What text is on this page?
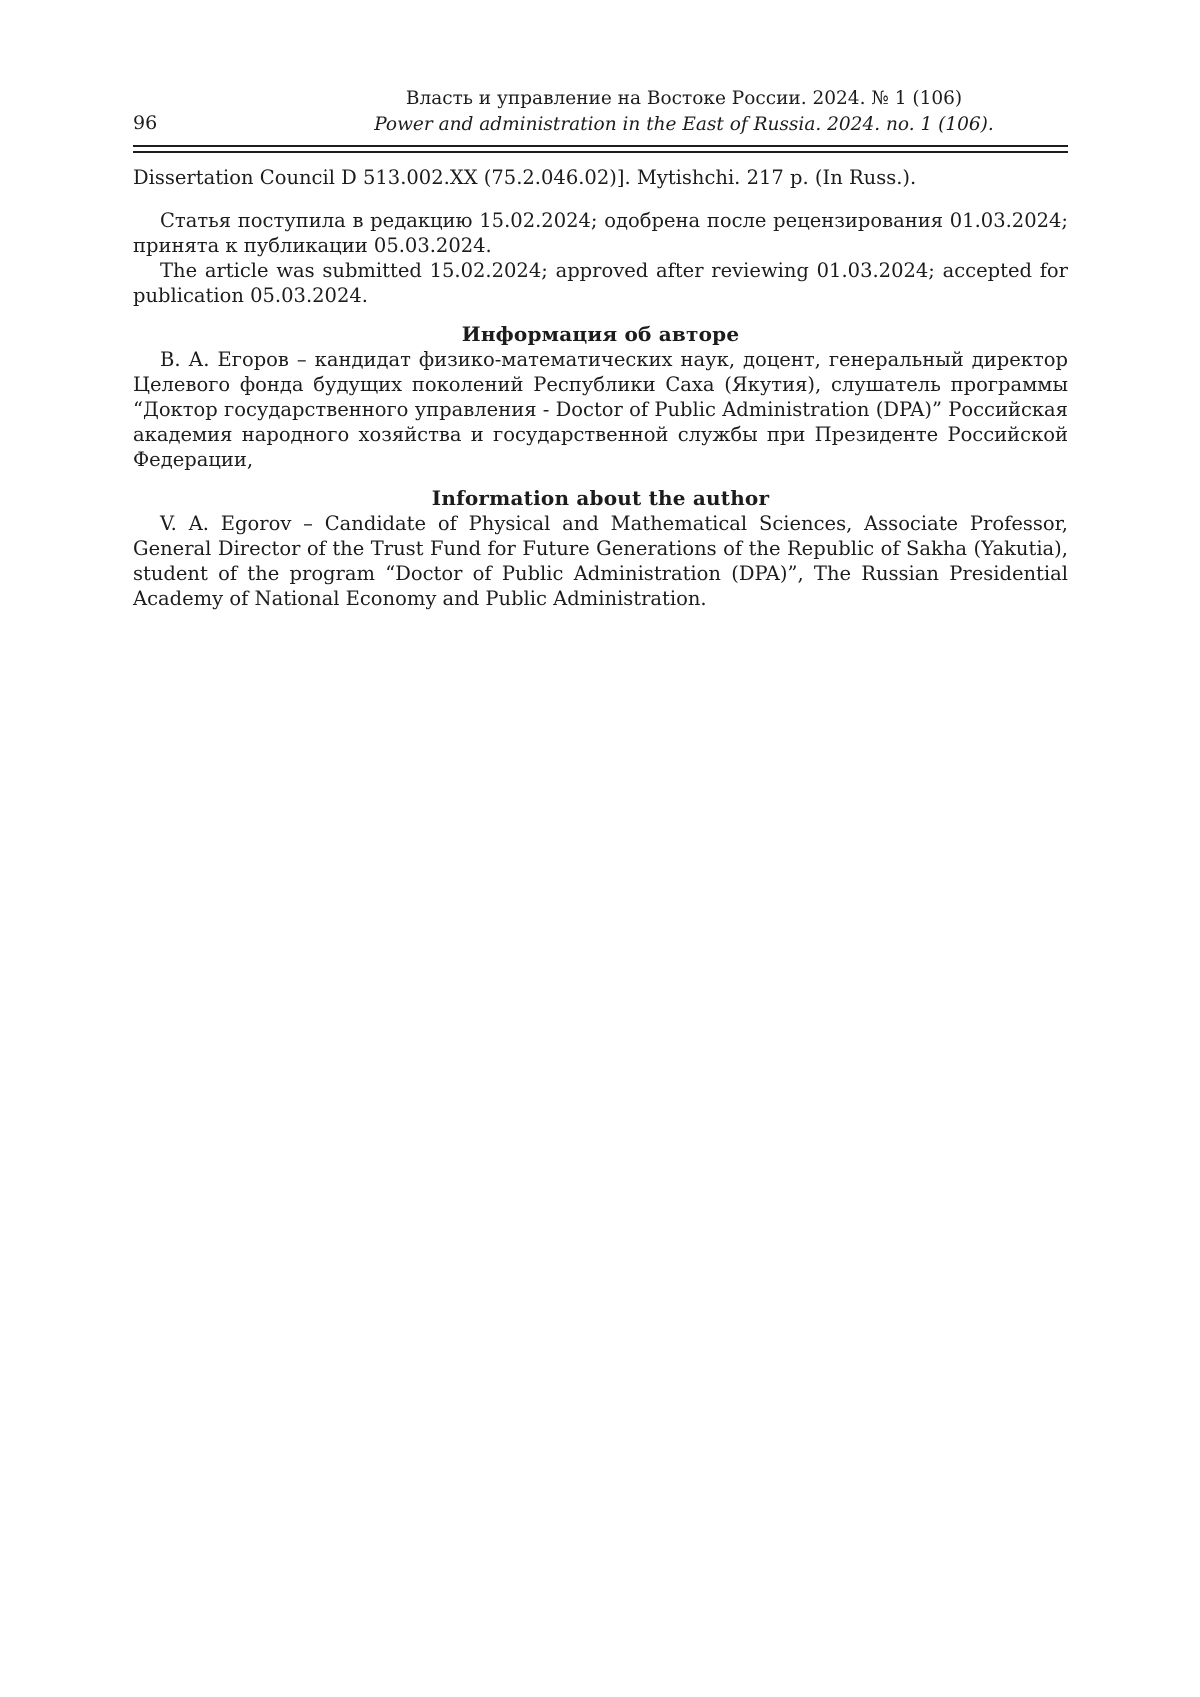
96
Власть и управление на Востоке России. 2024. № 1 (106)
Power and administration in the East of Russia. 2024. no. 1 (106).

Dissertation Council D 513.002.XX (75.2.046.02)]. Mytishchi. 217 p. (In Russ.).

Статья поступила в редакцию 15.02.2024; одобрена после рецензирования 01.03.2024; принята к публикации 05.03.2024.

The article was submitted 15.02.2024; approved after reviewing 01.03.2024; accepted for publication 05.03.2024.

Информация об авторе

В. А. Егоров – кандидат физико-математических наук, доцент, генеральный директор Целевого фонда будущих поколений Республики Саха (Якутия), слушатель программы “Доктор государственного управления - Doctor of Public Administration (DPA)” Российская академия народного хозяйства и государственной службы при Президенте Российской Федерации,

Information about the author

V. A. Egorov – Candidate of Physical and Mathematical Sciences, Associate Professor, General Director of the Trust Fund for Future Generations of the Republic of Sakha (Yakutia), student of the program “Doctor of Public Administration (DPA)”, The Russian Presidential Academy of National Economy and Public Administration.
